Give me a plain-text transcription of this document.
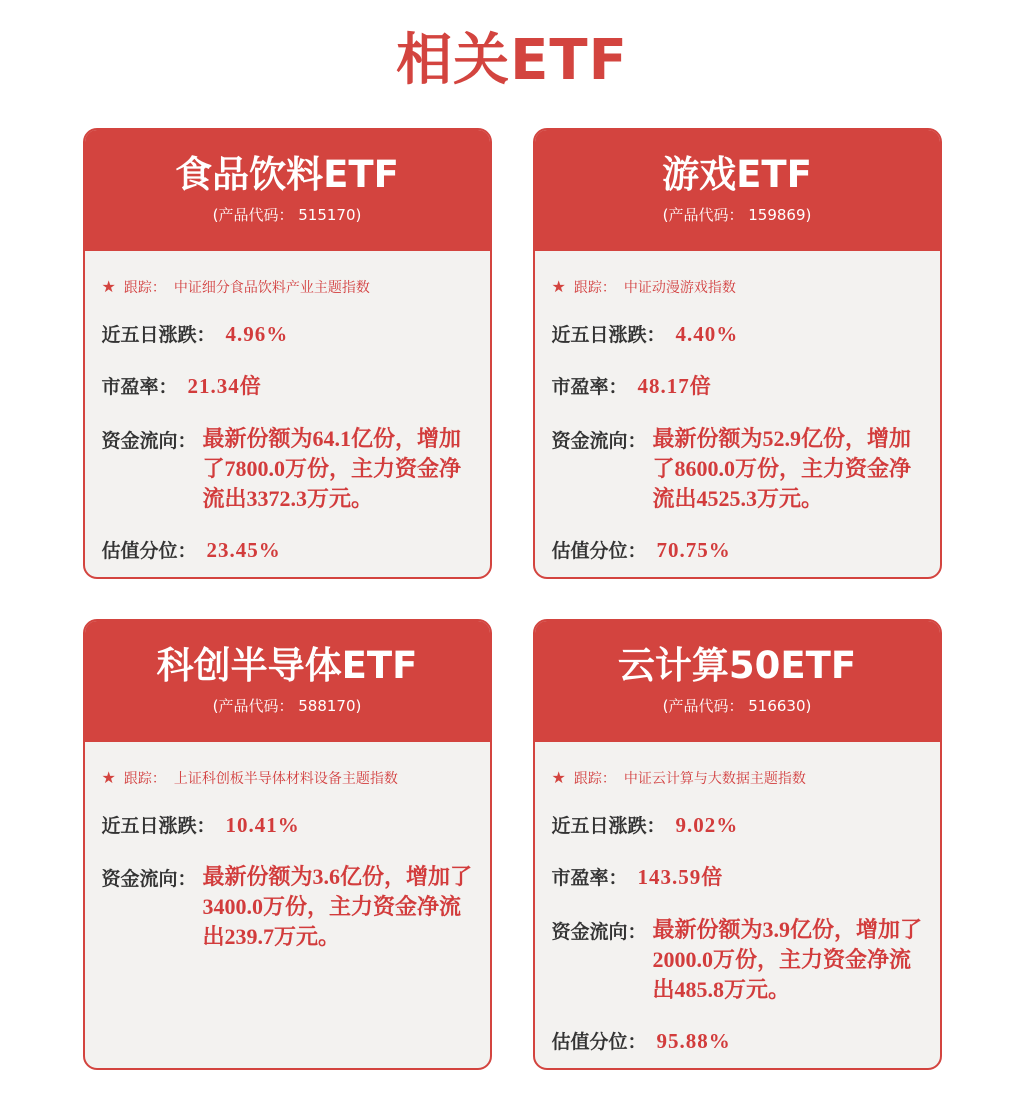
相关ETF
食品饮料ETF
(产品代码： 515170)
★ 跟踪： 中证细分食品饮料产业主题指数
近五日涨跌： 4.96%
市盈率： 21.34倍
资金流向： 最新份额为64.1亿份，增加了7800.0万份，主力资金净流出3372.3万元。
估值分位： 23.45%
游戏ETF
(产品代码： 159869)
★ 跟踪： 中证动漫游戏指数
近五日涨跌： 4.40%
市盈率： 48.17倍
资金流向： 最新份额为52.9亿份，增加了8600.0万份，主力资金净流出4525.3万元。
估值分位： 70.75%
科创半导体ETF
(产品代码： 588170)
★ 跟踪： 上证科创板半导体材料设备主题指数
近五日涨跌： 10.41%
资金流向： 最新份额为3.6亿份，增加了3400.0万份，主力资金净流出239.7万元。
云计算50ETF
(产品代码： 516630)
★ 跟踪： 中证云计算与大数据主题指数
近五日涨跌： 9.02%
市盈率： 143.59倍
资金流向： 最新份额为3.9亿份，增加了2000.0万份，主力资金净流出485.8万元。
估值分位： 95.88%
